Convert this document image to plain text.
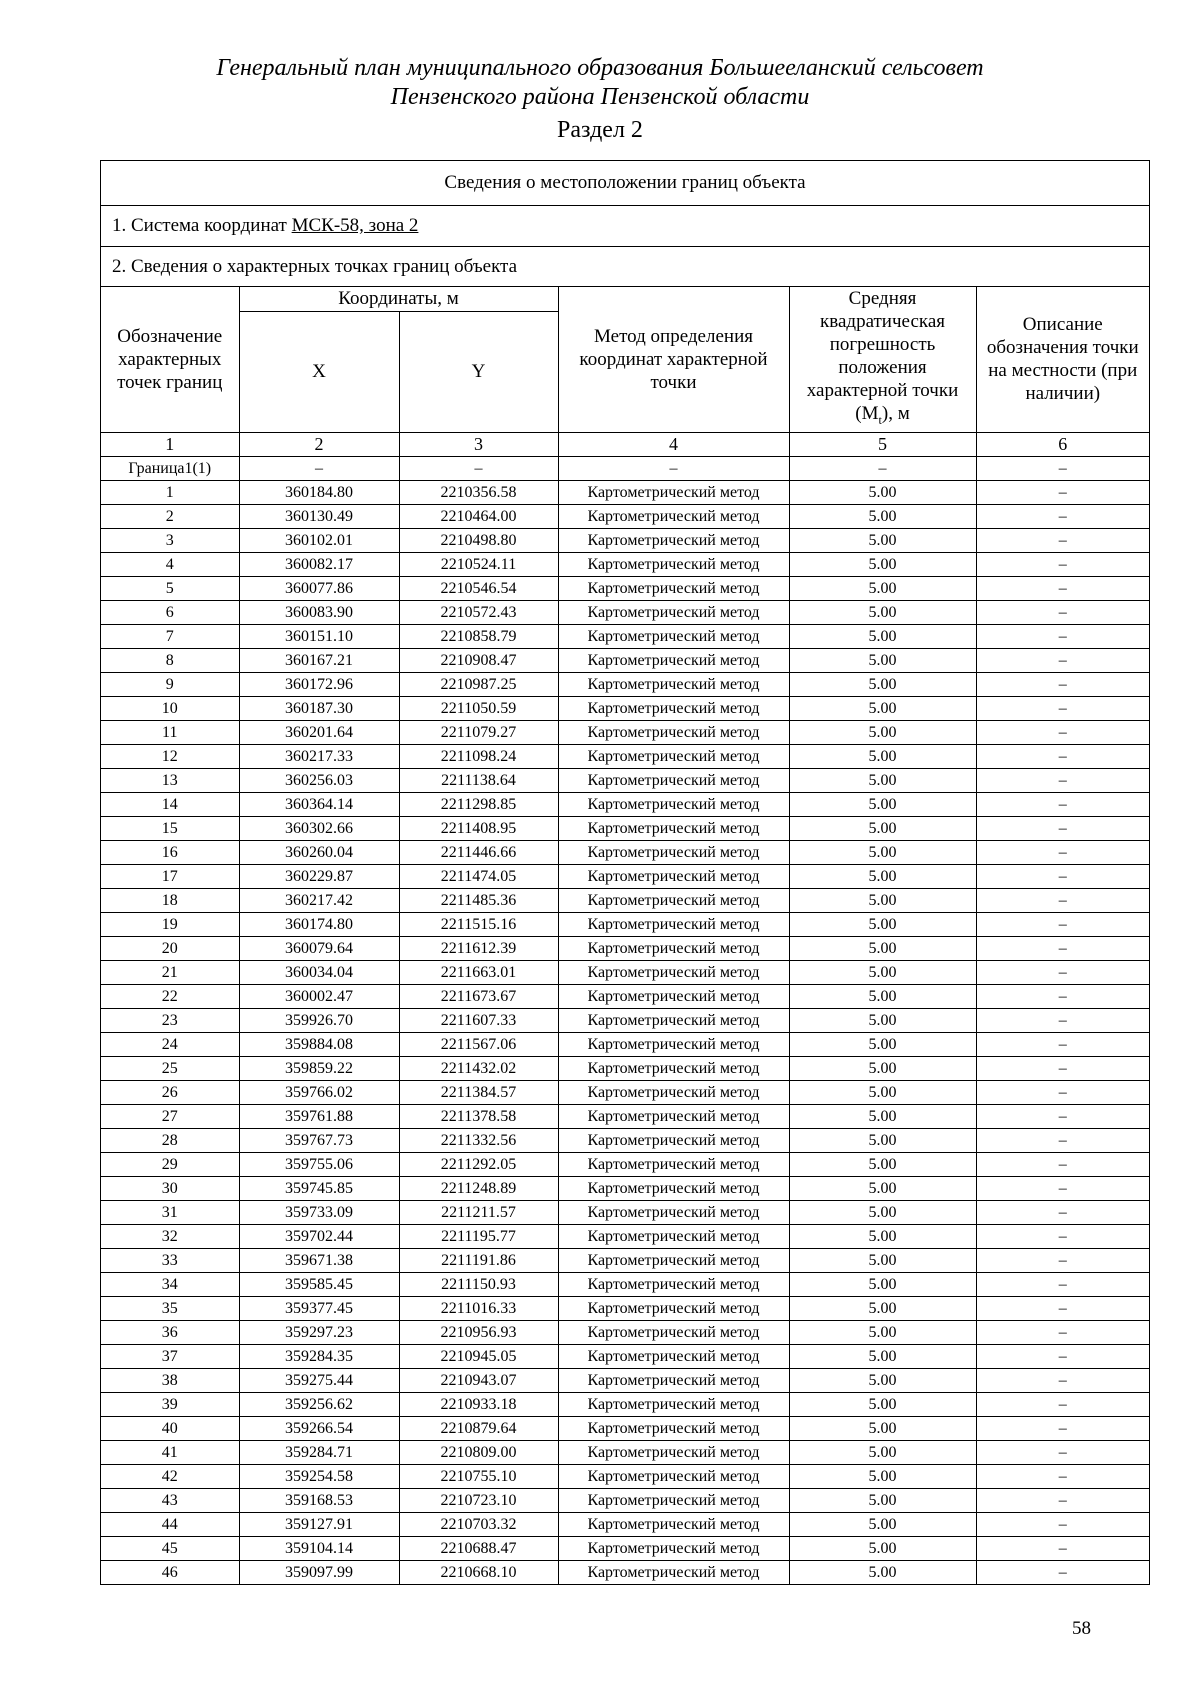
Генеральный план муниципального образования Большееланский сельсовет
Пензенского района Пензенской области
Раздел 2
Сведения о местоположении границ объекта
1. Система координат МСК-58, зона 2
2. Сведения о характерных точках границ объекта
Обозначение характерных точек границ	Координаты, м		Метод определения координат характерной точки	Средняя квадратическая погрешность положения характерной точки $(M_t)$, м	Описание обозначения точки на местности (при наличии)
	X	Y			
1	2	3	4	5	6
Граница1(1)	–	–	–	–	–
1	360184.80	2210356.58	Картометрический метод	5.00	–
2	360130.49	2210464.00	Картометрический метод	5.00	–
3	360102.01	2210498.80	Картометрический метод	5.00	–
4	360082.17	2210524.11	Картометрический метод	5.00	–
5	360077.86	2210546.54	Картометрический метод	5.00	–
6	360083.90	2210572.43	Картометрический метод	5.00	–
7	360151.10	2210858.79	Картометрический метод	5.00	–
8	360167.21	2210908.47	Картометрический метод	5.00	–
9	360172.96	2210987.25	Картометрический метод	5.00	–
10	360187.30	2211050.59	Картометрический метод	5.00	–
11	360201.64	2211079.27	Картометрический метод	5.00	–
12	360217.33	2211098.24	Картометрический метод	5.00	–
13	360256.03	2211138.64	Картометрический метод	5.00	–
14	360364.14	2211298.85	Картометрический метод	5.00	–
15	360302.66	2211408.95	Картометрический метод	5.00	–
16	360260.04	2211446.66	Картометрический метод	5.00	–
17	360229.87	2211474.05	Картометрический метод	5.00	–
18	360217.42	2211485.36	Картометрический метод	5.00	–
19	360174.80	2211515.16	Картометрический метод	5.00	–
20	360079.64	2211612.39	Картометрический метод	5.00	–
21	360034.04	2211663.01	Картометрический метод	5.00	–
22	360002.47	2211673.67	Картометрический метод	5.00	–
23	359926.70	2211607.33	Картометрический метод	5.00	–
24	359884.08	2211567.06	Картометрический метод	5.00	–
25	359859.22	2211432.02	Картометрический метод	5.00	–
26	359766.02	2211384.57	Картометрический метод	5.00	–
27	359761.88	2211378.58	Картометрический метод	5.00	–
28	359767.73	2211332.56	Картометрический метод	5.00	–
29	359755.06	2211292.05	Картометрический метод	5.00	–
30	359745.85	2211248.89	Картометрический метод	5.00	–
31	359733.09	2211211.57	Картометрический метод	5.00	–
32	359702.44	2211195.77	Картометрический метод	5.00	–
33	359671.38	2211191.86	Картометрический метод	5.00	–
34	359585.45	2211150.93	Картометрический метод	5.00	–
35	359377.45	2211016.33	Картометрический метод	5.00	–
36	359297.23	2210956.93	Картометрический метод	5.00	–
37	359284.35	2210945.05	Картометрический метод	5.00	–
38	359275.44	2210943.07	Картометрический метод	5.00	–
39	359256.62	2210933.18	Картометрический метод	5.00	–
40	359266.54	2210879.64	Картометрический метод	5.00	–
41	359284.71	2210809.00	Картометрический метод	5.00	–
42	359254.58	2210755.10	Картометрический метод	5.00	–
43	359168.53	2210723.10	Картометрический метод	5.00	–
44	359127.91	2210703.32	Картометрический метод	5.00	–
45	359104.14	2210688.47	Картометрический метод	5.00	–
46	359097.99	2210668.10	Картометрический метод	5.00	–
58
